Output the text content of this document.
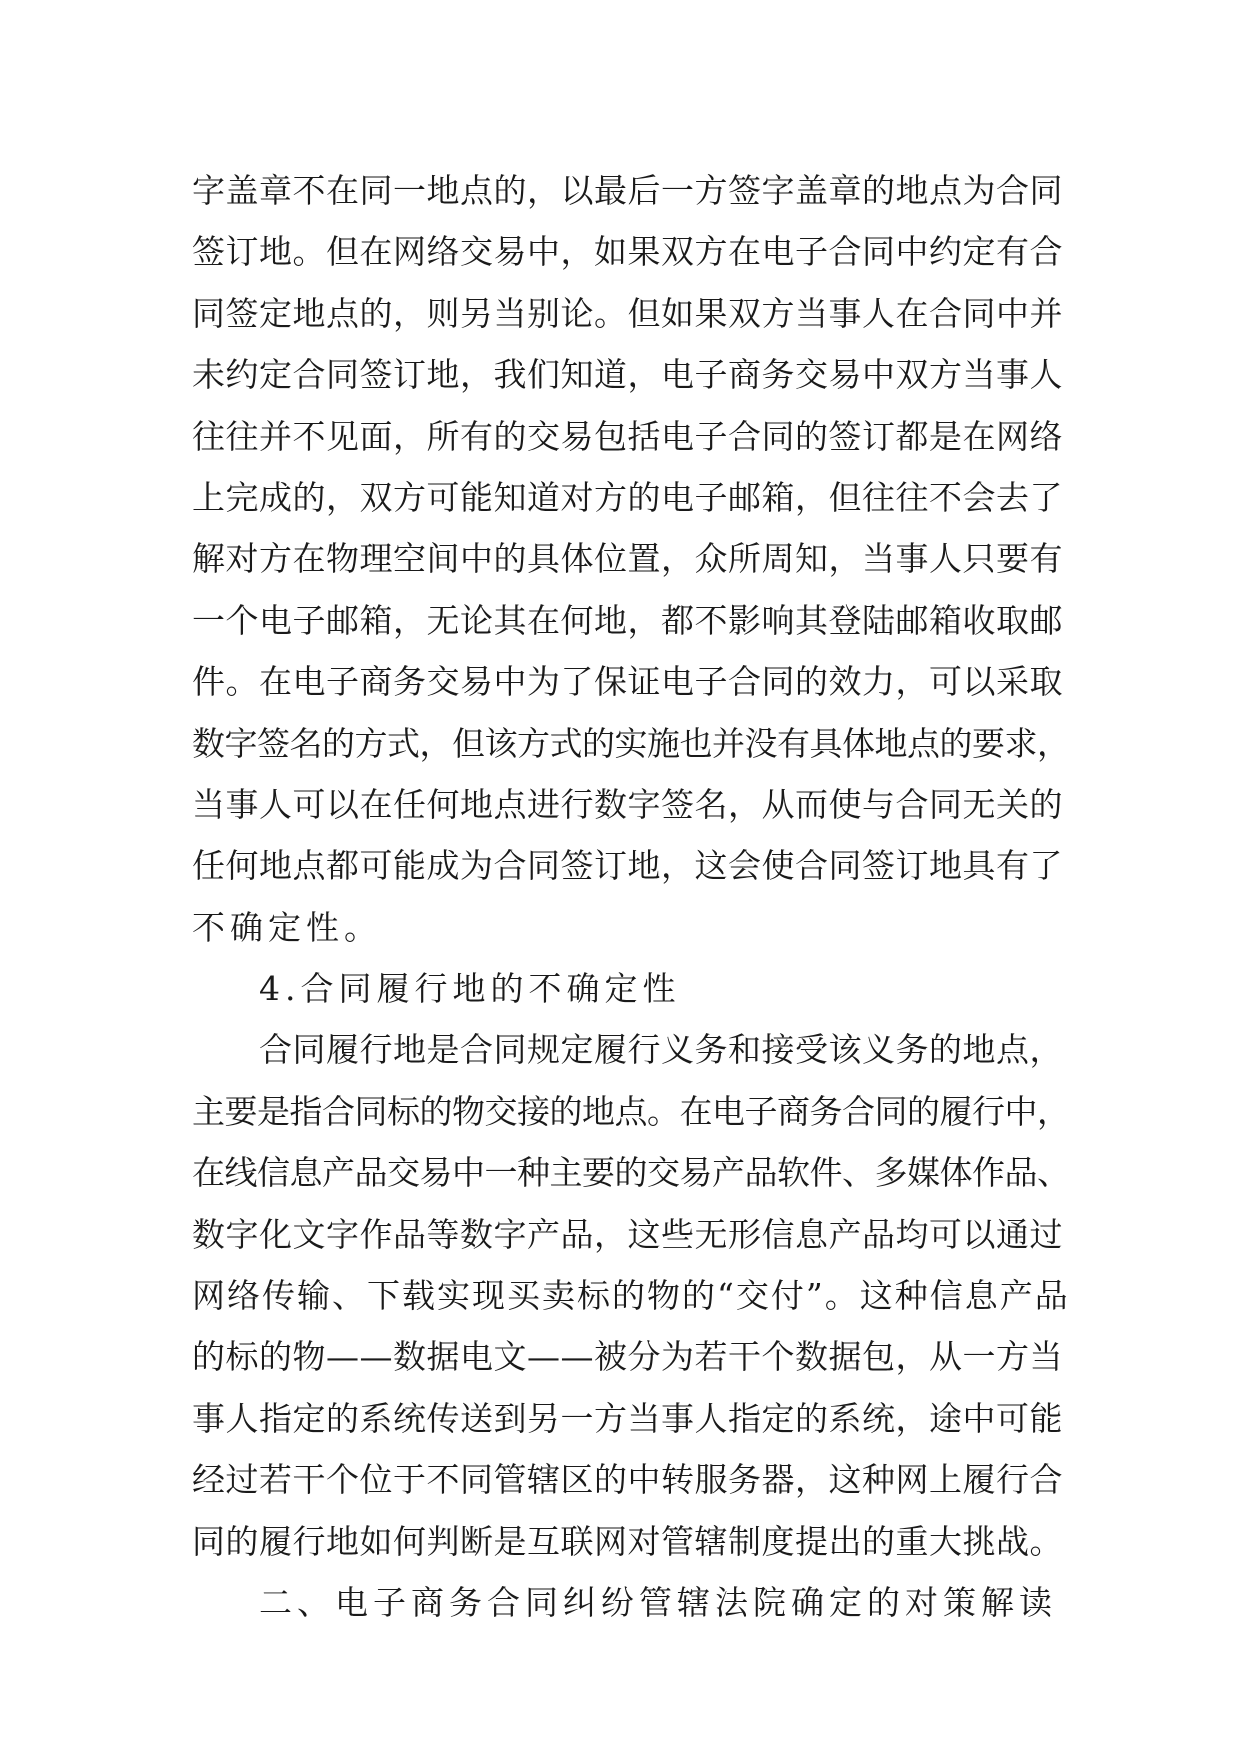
字盖章不在同一地点的，以最后一方签字盖章的地点为合同
签订地。但在网络交易中，如果双方在电子合同中约定有合
同签定地点的，则另当别论。但如果双方当事人在合同中并
未约定合同签订地，我们知道，电子商务交易中双方当事人
往往并不见面，所有的交易包括电子合同的签订都是在网络
上完成的，双方可能知道对方的电子邮箱，但往往不会去了
解对方在物理空间中的具体位置，众所周知，当事人只要有
一个电子邮箱，无论其在何地，都不影响其登陆邮箱收取邮
件。在电子商务交易中为了保证电子合同的效力，可以采取
数字签名的方式，但该方式的实施也并没有具体地点的要求，
当事人可以在任何地点进行数字签名，从而使与合同无关的
任何地点都可能成为合同签订地，这会使合同签订地具有了
不确定性。
4.合同履行地的不确定性
合同履行地是合同规定履行义务和接受该义务的地点，
主要是指合同标的物交接的地点。在电子商务合同的履行中，
在线信息产品交易中一种主要的交易产品软件、多媒体作品、
数字化文字作品等数字产品，这些无形信息产品均可以通过
网络传输、下载实现买卖标的物的“交付”。这种信息产品
的标的物——数据电文——被分为若干个数据包，从一方当
事人指定的系统传送到另一方当事人指定的系统，途中可能
经过若干个位于不同管辖区的中转服务器，这种网上履行合
同的履行地如何判断是互联网对管辖制度提出的重大挑战。
二、电子商务合同纠纷管辖法院确定的对策解读
